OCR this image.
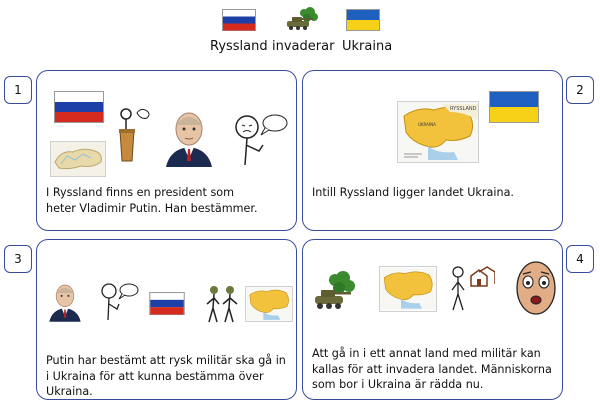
Ryssland invaderar Ukraina
1
I Ryssland finns en president som heter Vladimir Putin. Han bestämmer.
RYSSLAND
UKRAINA
Intill Ryssland ligger landet Ukraina.
2
3
Putin har bestämt att rysk militär ska gå in i Ukraina för att kunna bestämma över Ukraina.
Att gå in i ett annat land med militär kan kallas för att invadera landet. Människorna som bor i Ukraina är rädda nu.
4
